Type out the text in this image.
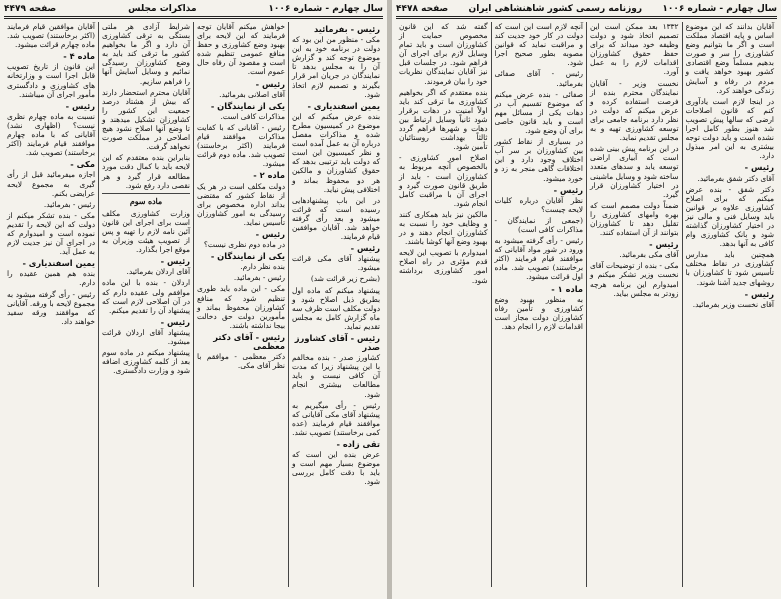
سال چهارم - شماره ۱۰۰۶
مذاکرات مجلس
صفحه ۴۴۷۹
رئیس - بفرمائید

مکی - منظور من این بود که دولت در برنامه خود به این موضوع توجه کند و گزارش آن را به مجلس بدهد تا نمایندگان در جریان امر قرار بگیرند و تصمیم لازم اتخاذ شود.

یمین اسفندیاری -

بنده عرض میکنم که این موضوع در کمیسیون مطرح شده و مذاکرات مفصل درباره آن به عمل آمده است و نظر کمیسیون این است که دولت باید ترتیبی بدهد که حقوق کشاورزان و مالکین هر دو محفوظ بماند و اختلافی پیش نیاید.

در این باب پیشنهادهایی رسیده است که قرائت میشود و بعد رأی گرفته خواهد شد. آقایان موافقین قیام فرمایند.

رئیس -

پیشنهاد آقای مکی قرائت میشود.

(بشرح زیر قرائت شد)

پیشنهاد میکنم که ماده اول بطریق ذیل اصلاح شود و دولت مکلف است ظرف سه ماه گزارش کامل به مجلس تقدیم نماید.

رئیس - آقای کشاورز صدر

کشاورز صدر - بنده مخالفم با این پیشنهاد زیرا که مدت آن کافی نیست و باید مطالعات بیشتری انجام شود.

رئیس - رأی میگیریم به پیشنهاد آقای مکی آقایانی که موافقند قیام فرمایند (عده کمی برخاستند) تصویب نشد.

تقی زاده -

عرض بنده این است که موضوع بسیار مهم است و باید با دقت کامل بررسی شود.

خواهش میکنم آقایان توجه فرمایند که این لایحه برای بهبود وضع کشاورزی و حفظ منافع عمومی تنظیم شده است و مقصود آن رفاه حال عموم است.

رئیس -

آقای اصلانی بفرمائید.

یکی از نمایندگان -

مذاکرات کافی است.

رئیس - آقایانی که با کفایت مذاکرات موافقند قیام فرمایند (اکثر برخاستند) تصویب شد. ماده دوم قرائت میشود.

ماده ۲ -

دولت مکلف است در هر یک از نقاط کشور که مقتضی بداند اداره مخصوص برای رسیدگی به امور کشاورزان تأسیس نماید.

رئیس -

در ماده دوم نظری نیست؟

یکی از نمایندگان -

بنده نظر دارم.

رئیس - بفرمائید.

مکی - این ماده باید طوری تنظیم شود که منافع کشاورزان محفوظ بماند و مأمورین دولت حق دخالت بیجا نداشته باشند.

رئیس - آقای دکتر معظمی

دکتر معظمی - موافقم با نظر آقای مکی.

شرایط آزادی هر ملتی بستگی به ترقی کشاورزی آن دارد و اگر ما بخواهیم کشور ما ترقی کند باید به وضع کشاورزان رسیدگی نمائیم و وسایل آسایش آنها را فراهم سازیم.

آقایان محترم استحضار دارند که بیش از هشتاد درصد جمعیت این کشور را کشاورزان تشکیل میدهند و تا وضع آنها اصلاح نشود هیچ اصلاحی در مملکت صورت نخواهد گرفت.

بنابراین بنده معتقدم که این لایحه باید با کمال دقت مورد مطالعه قرار گیرد و هر نقصی دارد رفع شود.

ماده سوم

وزارت کشاورزی مکلف است برای اجرای این قانون آئین نامه لازم را تهیه و پس از تصویب هیئت وزیران به موقع اجرا بگذارد.

رئیس -

آقای اردلان بفرمائید.

اردلان - بنده با این ماده موافقم ولی عقیده دارم که در آن اصلاحی لازم است که پیشنهاد آن را تقدیم میکنم.

رئیس -

پیشنهاد آقای اردلان قرائت میشود.

پیشنهاد میکنم در ماده سوم بعد از کلمه کشاورزی اضافه شود و وزارت دادگستری.

آقایان موافقین قیام فرمایند (اکثر برخاستند) تصویب شد. ماده چهارم قرائت میشود.

ماده ۴ -

این قانون از تاریخ تصویب قابل اجرا است و وزارتخانه های کشاورزی و دادگستری مأمور اجرای آن میباشند.

رئیس -

نسبت به ماده چهارم نظری نیست؟ (اظهاری نشد) آقایانی که با ماده چهارم موافقند قیام فرمایند (اکثر برخاستند) تصویب شد.

مکی -

اجازه میفرمائید قبل از رأی گیری به مجموع لایحه عرایضی بکنم.

رئیس - بفرمائید.

مکی - بنده تشکر میکنم از دولت که این لایحه را تقدیم نموده است و امیدوارم که در اجرای آن نیز جدیت لازم به عمل آید.

یمین اسفندیاری -

بنده هم همین عقیده را دارم.

رئیس - رأی گرفته میشود به مجموع لایحه با ورقه. آقایانی که موافقند ورقه سفید خواهند داد.

سال چهارم - شماره ۱۰۰۶
روزنامه رسمی کشور شاهنشاهی ایران
صفحه ۴۴۷۸

آقایان بدانند که این موضوع اساس و پایه اقتصاد مملکت است و اگر ما بتوانیم وضع کشاورزی را سر و صورت بدهیم مسلماً وضع اقتصادی کشور بهبود خواهد یافت و مردم در رفاه و آسایش زندگی خواهند کرد.

در اینجا لازم است یادآوری کنم که قانون اصلاحات ارضی که سالها پیش تصویب شد هنوز بطور کامل اجرا نشده است و باید دولت توجه بیشتری به این امر مبذول دارد.

رئیس -

آقای دکتر شفق بفرمائید.

دکتر شفق - بنده عرض میکنم که برای اصلاح کشاورزی علاوه بر قوانین باید وسایل فنی و مالی نیز در اختیار کشاورزان گذاشته شود و بانک کشاورزی وام کافی به آنها بدهد.

همچنین باید مدارس کشاورزی در نقاط مختلف تأسیس شود تا کشاورزان با روشهای جدید آشنا شوند.

رئیس -

آقای نخست وزیر بفرمائید.

۱۳۳۲ بعد ممکن است این تصمیم اتخاذ شود و دولت وظیفه خود میداند که برای حفظ حقوق کشاورزان اقدامات لازم را به عمل آورد.

نخست وزیر - آقایان نمایندگان محترم بنده از فرصت استفاده کرده و عرض میکنم که دولت در نظر دارد برنامه جامعی برای توسعه کشاورزی تهیه و به مجلس تقدیم نماید.

در این برنامه پیش بینی شده است که آبیاری اراضی توسعه یابد و سدهای متعدد ساخته شود و وسایل ماشینی در اختیار کشاورزان قرار گیرد.

ضمناً دولت مصمم است که بهره وامهای کشاورزی را تقلیل دهد تا کشاورزان بتوانند از آن استفاده کنند.

رئیس -

آقای مکی بفرمائید.

مکی - بنده از توضیحات آقای نخست وزیر تشکر میکنم و امیدوارم این برنامه هرچه زودتر به مجلس بیاید.

آنچه لازم است این است که دولت در کار خود جدیت کند و مراقبت نماید که قوانین مصوبه بطور صحیح اجرا شود.

رئیس - آقای صفائی بفرمائید.

صفائی - بنده عرض میکنم که موضوع تقسیم آب در دهات یکی از مسائل مهم است و باید قانون خاصی برای آن وضع شود.

در بسیاری از نقاط کشور بین کشاورزان بر سر آب اختلاف وجود دارد و این اختلافات گاهی منجر به زد و خورد میشود.

رئیس -

نظر آقایان درباره کلیات لایحه چیست؟

(جمعی از نمایندگان - مذاکرات کافی است)

رئیس - رأی گرفته میشود به ورود در شور مواد آقایانی که موافقند قیام فرمایند (اکثر برخاستند) تصویب شد. ماده اول قرائت میشود.

ماده ۱ -

به منظور بهبود وضع کشاورزی و تأمین رفاه کشاورزان دولت مجاز است اقدامات لازم را انجام دهد.

گفته شد که این قانون مخصوص حمایت از کشاورزان است و باید تمام وسایل لازم برای اجرای آن فراهم شود. در جلسات قبل نیز آقایان نمایندگان نظریات خود را بیان فرمودند.

بنده معتقدم که اگر بخواهیم کشاورزی ما ترقی کند باید اولاً امنیت در دهات برقرار شود ثانیاً وسایل ارتباط بین دهات و شهرها فراهم گردد ثالثاً بهداشت روستائیان تأمین شود.

اصلاح امور کشاورزی - بالخصوص آنچه مربوط به کشاورزان است - باید از طریق قانون صورت گیرد و اجرای آن با مراقبت کامل انجام شود.

مالکین نیز باید همکاری کنند و وظایف خود را نسبت به کشاورزان انجام دهند و در بهبود وضع آنها کوشا باشند.

امیدوارم با تصویب این لایحه قدم مؤثری در راه اصلاح امور کشاورزی برداشته شود.
